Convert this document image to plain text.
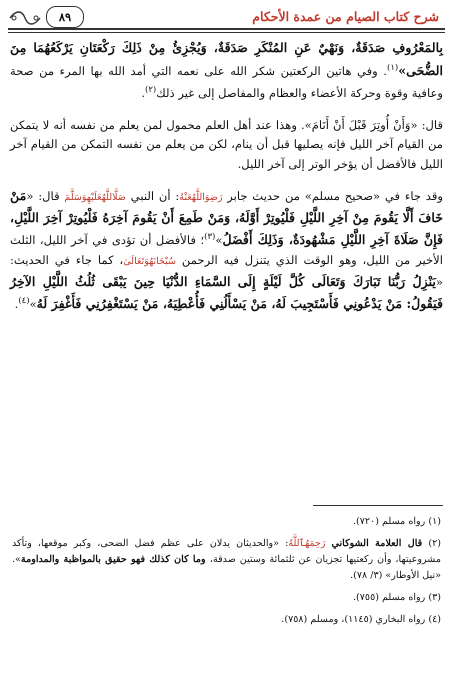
شرح كتاب الصيام من عمدة الأحكام
٨٩

بِالمَعْرُوفِ صَدَقَةٌ، وَنَهْيٌ عَنِ المُنْكَرِ صَدَقَةٌ، وَيُجْزِئُ مِنْ ذَلِكَ رَكْعَتَانِ يَرْكَعُهُمَا مِنَ الضُّحَى»$^{(١)}$. وفي هاتين الركعتين شكر الله على نعمه التي أمد الله بها المرء من صحة وعافية وقوة وحركة الأعضاء والعظام والمفاصل إلى غير ذلك$^{(٢)}$.

قال: «وَأَنْ أُوتِرَ قَبْلَ أَنْ أَنَامَ». وهذا عند أهل العلم محمول لمن يعلم من نفسه أنه لا يتمكن من القيام آخر الليل فإنه يصليها قبل أن ينام، لكن من يعلم من نفسه التمكن من القيام آخر الليل فالأفضل أن يؤخر الوتر إلى آخر الليل.

وقد جاء في «صحيح مسلم» من حديث جابر رَضِوَاللَّهُعَنْهُ: أن النبي صَلَّاللَّهُعَلَيْهِوَسَلَّمَ قال: «مَنْ خَافَ أَلَّا يَقُومَ مِنْ آخِرِ اللَّيْلِ فَلْيُوتِرْ أَوَّلَهُ، وَمَنْ طَمِعَ أَنْ يَقُومَ آخِرَهُ فَلْيُوتِرْ آخِرَ اللَّيْلِ، فَإِنَّ صَلَاةَ آخِرِ اللَّيْلِ مَشْهُودَةٌ، وَذَلِكَ أَفْضَلُ»$^{(٣)}$؛ فالأفضل أن تؤدى في آخر الليل، الثلث الأخير من الليل، وهو الوقت الذي يتنزل فيه الرحمن سُبْحَانَهُوَتَعَالَىٰ، كما جاء في الحديث: «يَنْزِلُ رَبُّنَا تَبَارَكَ وَتَعَالَى كُلَّ لَيْلَةٍ إِلَى السَّمَاءِ الدُّنْيَا حِينَ يَبْقَى ثُلُثُ اللَّيْلِ الآخِرُ فَيَقُولُ: مَنْ يَدْعُونِي فَأَسْتَجِيبَ لَهُ، مَنْ يَسْأَلُنِي فَأُعْطِيَهُ، مَنْ يَسْتَغْفِرُنِي فَأَغْفِرَ لَهُ»$^{(٤)}$.

(١) رواه مسلم (٧٢٠).

(٢) قال العلامة الشوكاني رَحِمَهُٱللَّهُ: «والحديثان يدلان على عظم فضل الضحى، وكبر موقعها، وتأكد مشروعيتها، وأن ركعتيها تجزيان عن ثلثمائة وستين صدقة، وما كان كذلك فهو حقيق بالمواظبة والمداومة». «نيل الأوطار» (٣/ ٧٨).

(٣) رواه مسلم (٧٥٥).

(٤) رواه البخاري (١١٤٥)، ومسلم (٧٥٨).
